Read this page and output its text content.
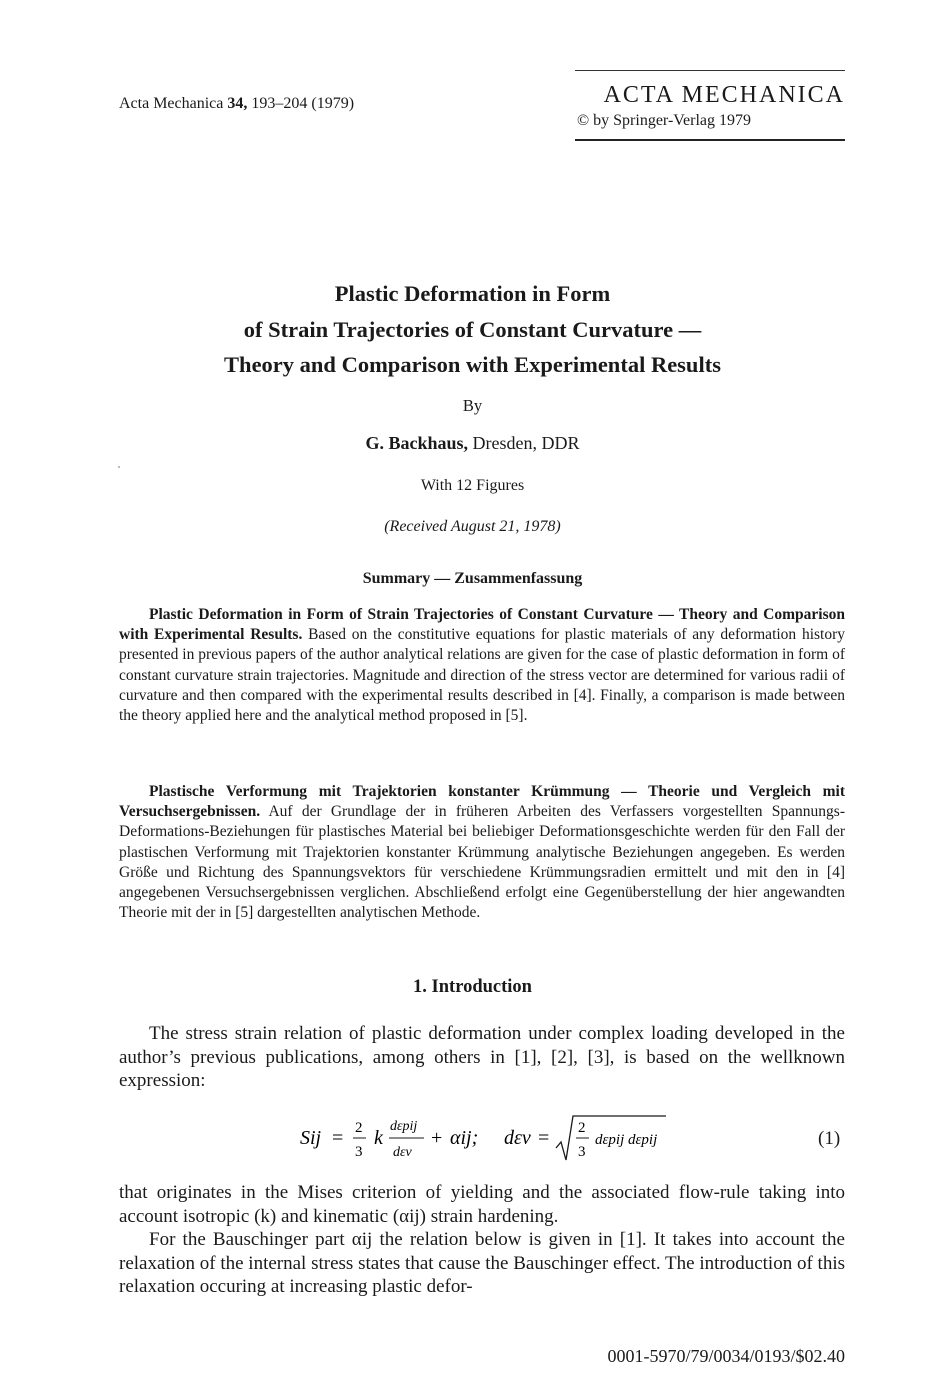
Acta Mechanica 34, 193–204 (1979)	ACTA MECHANICA
© by Springer-Verlag 1979
Plastic Deformation in Form
of Strain Trajectories of Constant Curvature —
Theory and Comparison with Experimental Results
By
G. Backhaus, Dresden, DDR
With 12 Figures
(Received August 21, 1978)
Summary — Zusammenfassung
Plastic Deformation in Form of Strain Trajectories of Constant Curvature — Theory and Comparison with Experimental Results. Based on the constitutive equations for plastic materials of any deformation history presented in previous papers of the author analytical relations are given for the case of plastic deformation in form of constant curvature strain trajectories. Magnitude and direction of the stress vector are determined for various radii of curvature and then compared with the experimental results described in [4]. Finally, a comparison is made between the theory applied here and the analytical method proposed in [5].
Plastische Verformung mit Trajektorien konstanter Krümmung — Theorie und Vergleich mit Versuchsergebnissen. Auf der Grundlage der in früheren Arbeiten des Verfassers vorgestellten Spannungs-Deformations-Beziehungen für plastisches Material bei beliebiger Deformationsgeschichte werden für den Fall der plastischen Verformung mit Trajektorien konstanter Krümmung analytische Beziehungen angegeben. Es werden Größe und Richtung des Spannungsvektors für verschiedene Krümmungsradien ermittelt und mit den in [4] angegebenen Versuchsergebnissen verglichen. Abschließend erfolgt eine Gegenüberstellung der hier angewandten Theorie mit der in [5] dargestellten analytischen Methode.
1. Introduction
The stress strain relation of plastic deformation under complex loading developed in the author’s previous publications, among others in [1], [2], [3], is based on the wellknown expression:
Sij = 2
3
k
dεpij
dεv
+ αij; dεv = 2
3
dεpij dεpij	(1)
that originates in the Mises criterion of yielding and the associated flow-rule taking into account isotropic (k) and kinematic (αij) strain hardening.
For the Bauschinger part αij the relation below is given in [1]. It takes into account the relaxation of the internal stress states that cause the Bauschinger effect. The introduction of this relaxation occuring at increasing plastic defor-
0001-5970/79/0034/0193/$02.40
